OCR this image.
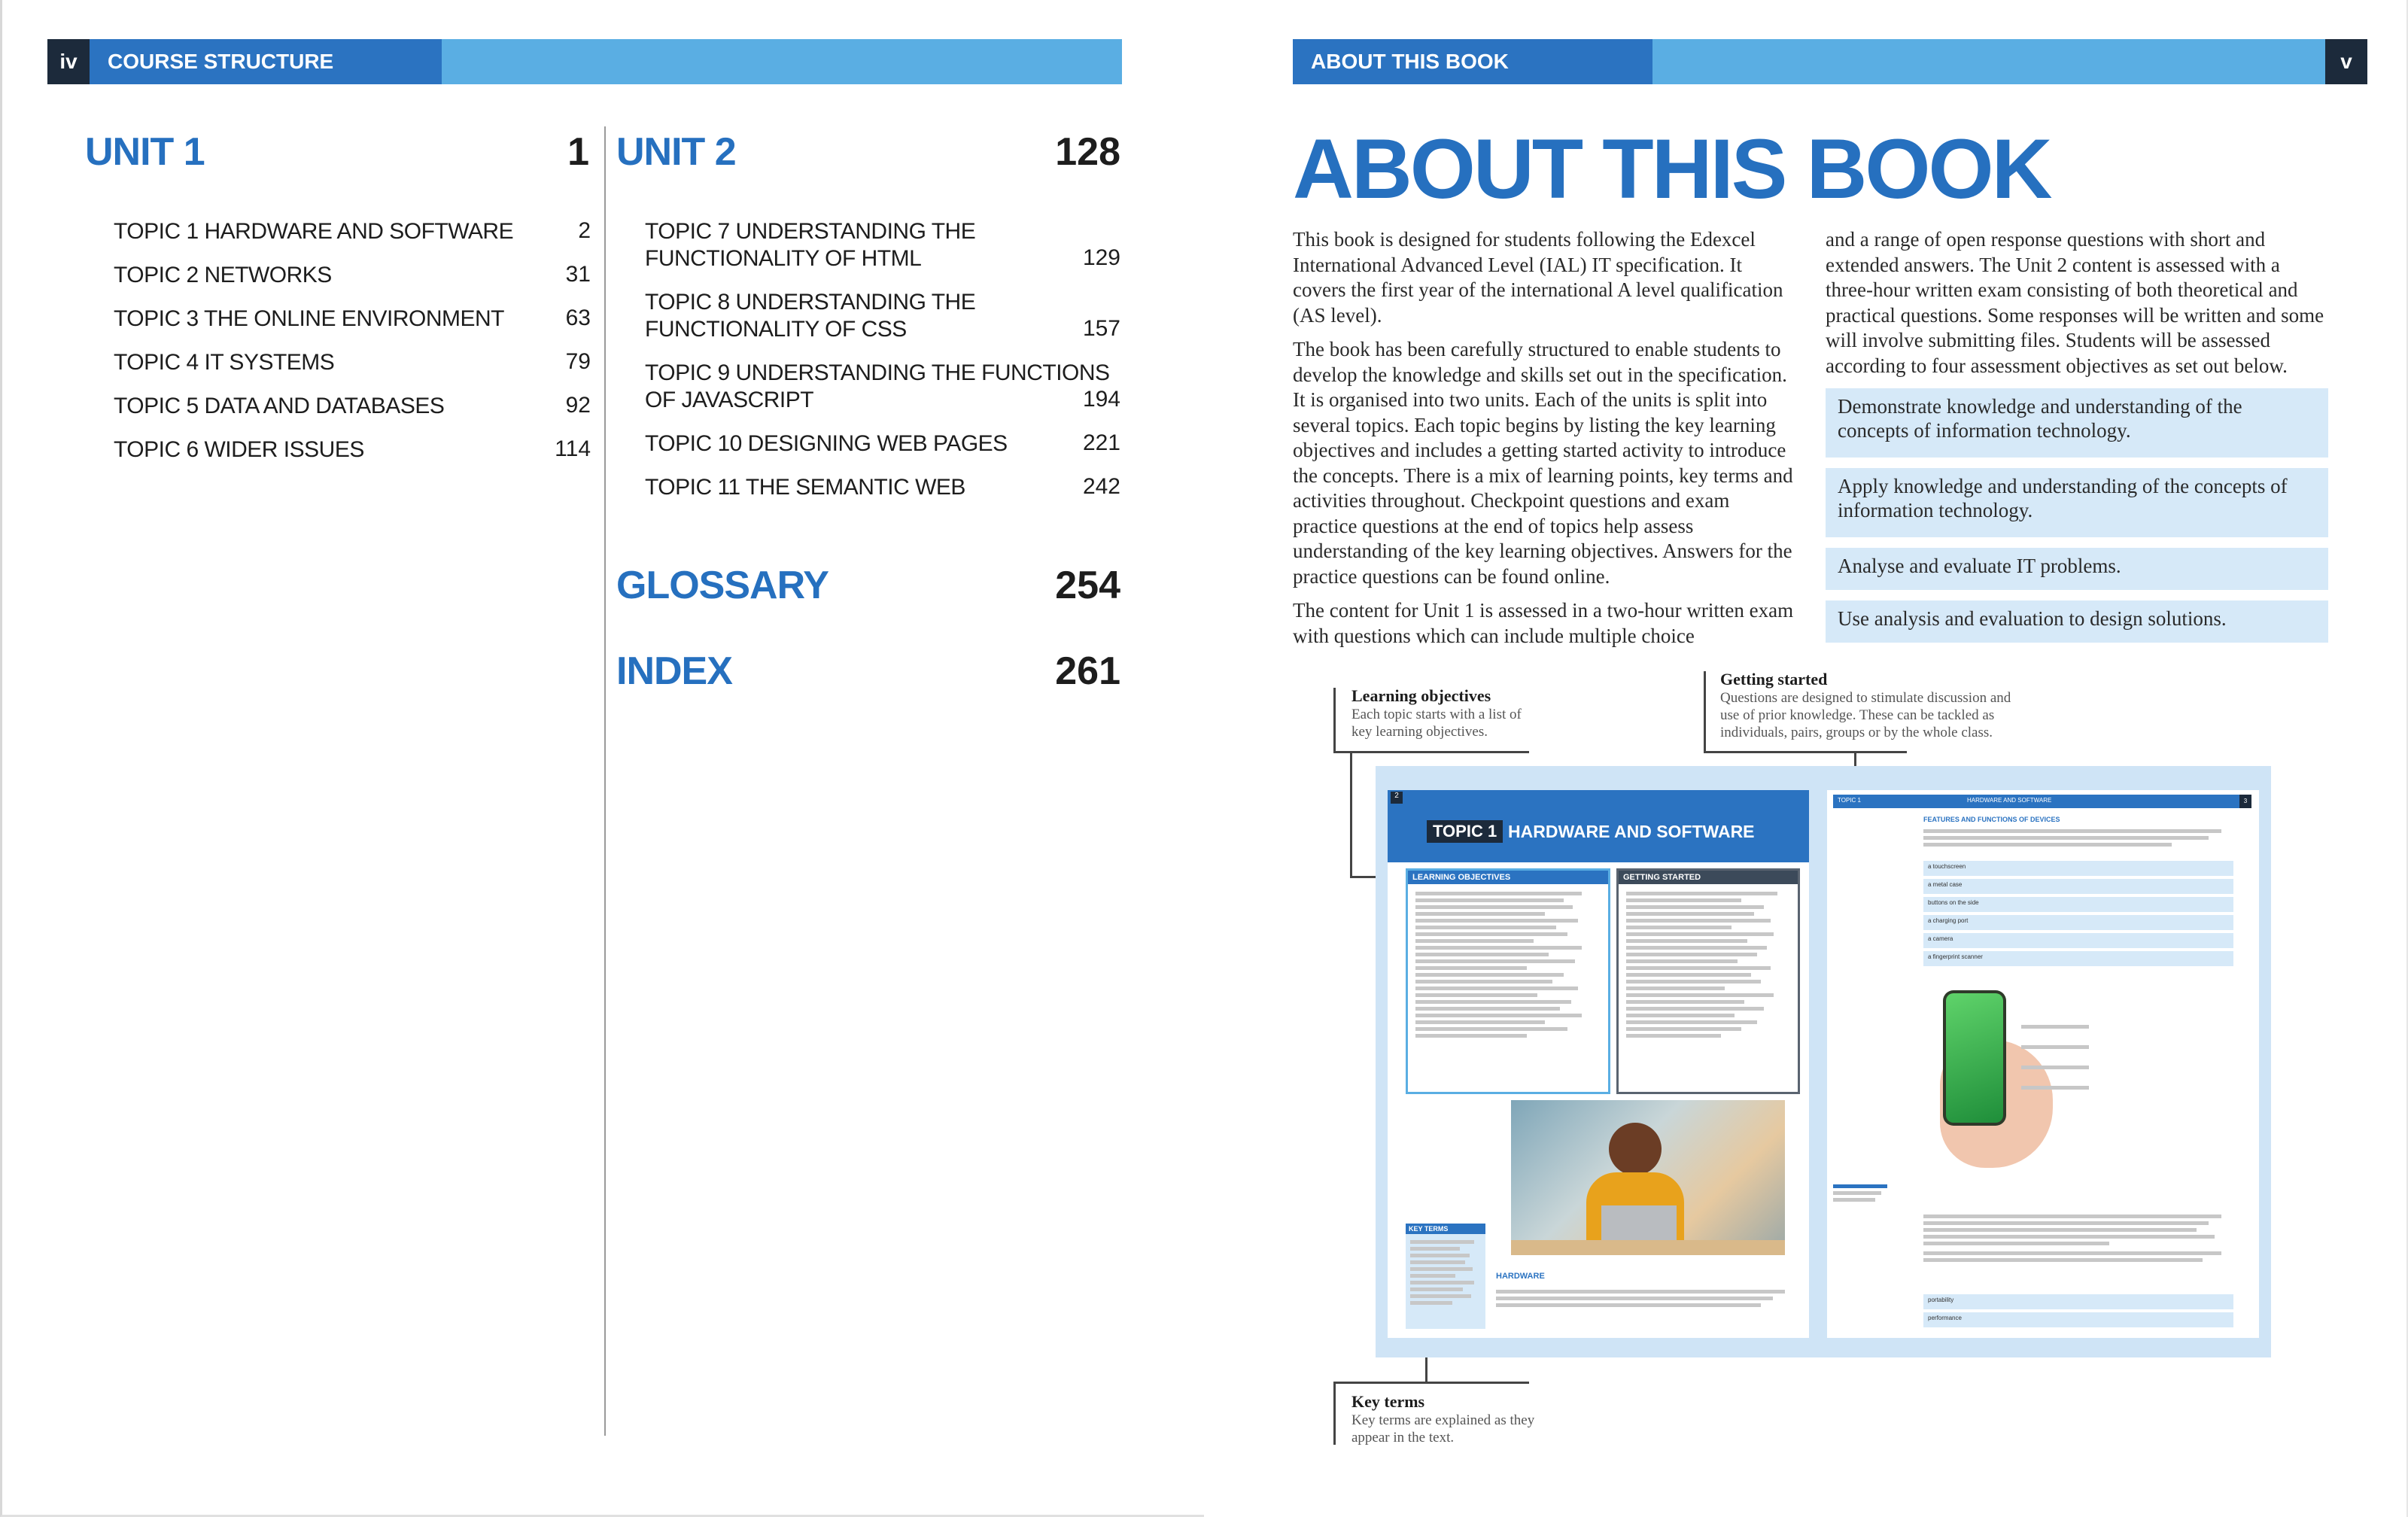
iv	COURSE STRUCTURE
UNIT 1	1
TOPIC 1 HARDWARE AND SOFTWARE	2
TOPIC 2 NETWORKS	31
TOPIC 3 THE ONLINE ENVIRONMENT	63
TOPIC 4 IT SYSTEMS	79
TOPIC 5 DATA AND DATABASES	92
TOPIC 6 WIDER ISSUES	114
UNIT 2	128
TOPIC 7 UNDERSTANDING THE
FUNCTIONALITY OF HTML	129
TOPIC 8 UNDERSTANDING THE
FUNCTIONALITY OF CSS	157
TOPIC 9 UNDERSTANDING THE FUNCTIONS
OF JAVASCRIPT	194
TOPIC 10 DESIGNING WEB PAGES	221
TOPIC 11 THE SEMANTIC WEB	242
GLOSSARY	254
INDEX	261
ABOUT THIS BOOK	v
ABOUT THIS BOOK

This book is designed for students following the Edexcel International Advanced Level (IAL) IT specification. It covers the first year of the international A level qualification (AS level).

The book has been carefully structured to enable students to develop the knowledge and skills set out in the specification. It is organised into two units. Each of the units is split into several topics. Each topic begins by listing the key learning objectives and includes a getting started activity to introduce the concepts. There is a mix of learning points, key terms and activities throughout. Checkpoint questions and exam practice questions at the end of topics help assess understanding of the key learning objectives. Answers for the practice questions can be found online.

The content for Unit 1 is assessed in a two-hour written exam with questions which can include multiple choice

and a range of open response questions with short and extended answers. The Unit 2 content is assessed with a three-hour written exam consisting of both theoretical and practical questions. Some responses will be written and some will involve submitting files. Students will be assessed according to four assessment objectives as set out below.

Demonstrate knowledge and understanding of the concepts of information technology.
Apply knowledge and understanding of the concepts of information technology.
Analyse and evaluate IT problems.
Use analysis and evaluation to design solutions.
Learning objectives
Each topic starts with a list of
key learning objectives.
Getting started
Questions are designed to stimulate discussion and
use of prior knowledge. These can be tackled as
individuals, pairs, groups or by the whole class.
Key terms
Key terms are explained as they
appear in the text.
2
TOPIC 1 HARDWARE AND SOFTWARE
LEARNING OBJECTIVES	GETTING STARTED
KEY TERMS
HARDWARE
TOPIC 1	HARDWARE AND SOFTWARE	3
FEATURES AND FUNCTIONS OF DEVICES
a touchscreen
a metal case
buttons on the side
a charging port
a camera
a fingerprint scanner
portability
performance
